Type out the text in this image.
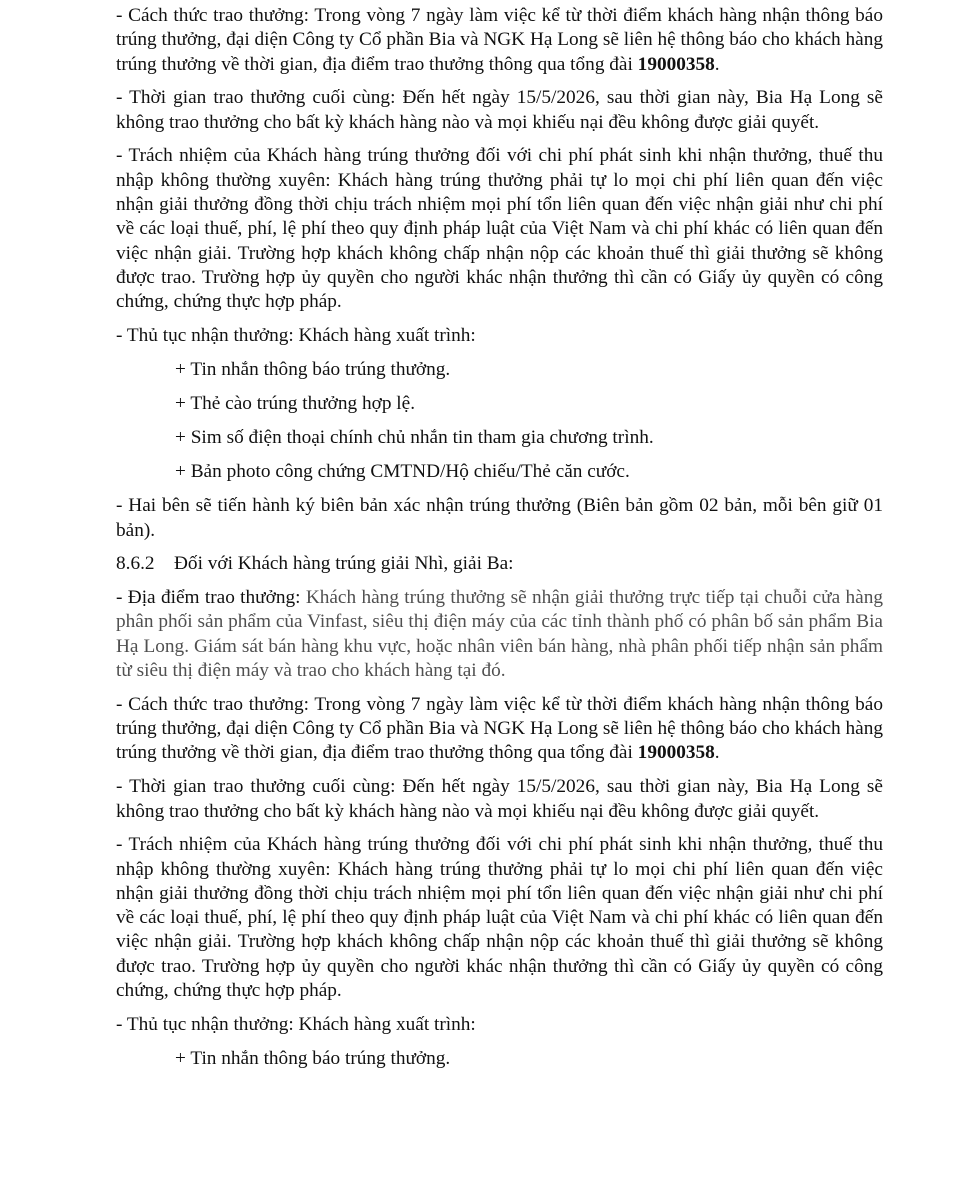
- Cách thức trao thưởng: Trong vòng 7 ngày làm việc kể từ thời điểm khách hàng nhận thông báo trúng thưởng, đại diện Công ty Cổ phần Bia và NGK Hạ Long sẽ liên hệ thông báo cho khách hàng trúng thưởng về thời gian, địa điểm trao thưởng thông qua tổng đài 19000358.

- Thời gian trao thưởng cuối cùng: Đến hết ngày 15/5/2026, sau thời gian này, Bia Hạ Long sẽ không trao thưởng cho bất kỳ khách hàng nào và mọi khiếu nại đều không được giải quyết.

- Trách nhiệm của Khách hàng trúng thưởng đối với chi phí phát sinh khi nhận thưởng, thuế thu nhập không thường xuyên: Khách hàng trúng thưởng phải tự lo mọi chi phí liên quan đến việc nhận giải thưởng đồng thời chịu trách nhiệm mọi phí tổn liên quan đến việc nhận giải như chi phí về các loại thuế, phí, lệ phí theo quy định pháp luật của Việt Nam và chi phí khác có liên quan đến việc nhận giải. Trường hợp khách không chấp nhận nộp các khoản thuế thì giải thưởng sẽ không được trao. Trường hợp ủy quyền cho người khác nhận thưởng thì cần có Giấy ủy quyền có công chứng, chứng thực hợp pháp.

- Thủ tục nhận thưởng: Khách hàng xuất trình:

+ Tin nhắn thông báo trúng thưởng.
+ Thẻ cào trúng thưởng hợp lệ.
+ Sim số điện thoại chính chủ nhắn tin tham gia chương trình.
+ Bản photo công chứng CMTND/Hộ chiếu/Thẻ căn cước.

- Hai bên sẽ tiến hành ký biên bản xác nhận trúng thưởng (Biên bản gồm 02 bản, mỗi bên giữ 01 bản).

8.6.2 Đối với Khách hàng trúng giải Nhì, giải Ba:

- Địa điểm trao thưởng: Khách hàng trúng thưởng sẽ nhận giải thưởng trực tiếp tại chuỗi cửa hàng phân phối sản phẩm của Vinfast, siêu thị điện máy của các tỉnh thành phố có phân bố sản phẩm Bia Hạ Long. Giám sát bán hàng khu vực, hoặc nhân viên bán hàng, nhà phân phối tiếp nhận sản phẩm từ siêu thị điện máy và trao cho khách hàng tại đó.

- Cách thức trao thưởng: Trong vòng 7 ngày làm việc kể từ thời điểm khách hàng nhận thông báo trúng thưởng, đại diện Công ty Cổ phần Bia và NGK Hạ Long sẽ liên hệ thông báo cho khách hàng trúng thưởng về thời gian, địa điểm trao thưởng thông qua tổng đài 19000358.

- Thời gian trao thưởng cuối cùng: Đến hết ngày 15/5/2026, sau thời gian này, Bia Hạ Long sẽ không trao thưởng cho bất kỳ khách hàng nào và mọi khiếu nại đều không được giải quyết.

- Trách nhiệm của Khách hàng trúng thưởng đối với chi phí phát sinh khi nhận thưởng, thuế thu nhập không thường xuyên: Khách hàng trúng thưởng phải tự lo mọi chi phí liên quan đến việc nhận giải thưởng đồng thời chịu trách nhiệm mọi phí tổn liên quan đến việc nhận giải như chi phí về các loại thuế, phí, lệ phí theo quy định pháp luật của Việt Nam và chi phí khác có liên quan đến việc nhận giải. Trường hợp khách không chấp nhận nộp các khoản thuế thì giải thưởng sẽ không được trao. Trường hợp ủy quyền cho người khác nhận thưởng thì cần có Giấy ủy quyền có công chứng, chứng thực hợp pháp.

- Thủ tục nhận thưởng: Khách hàng xuất trình:

+ Tin nhắn thông báo trúng thưởng.
